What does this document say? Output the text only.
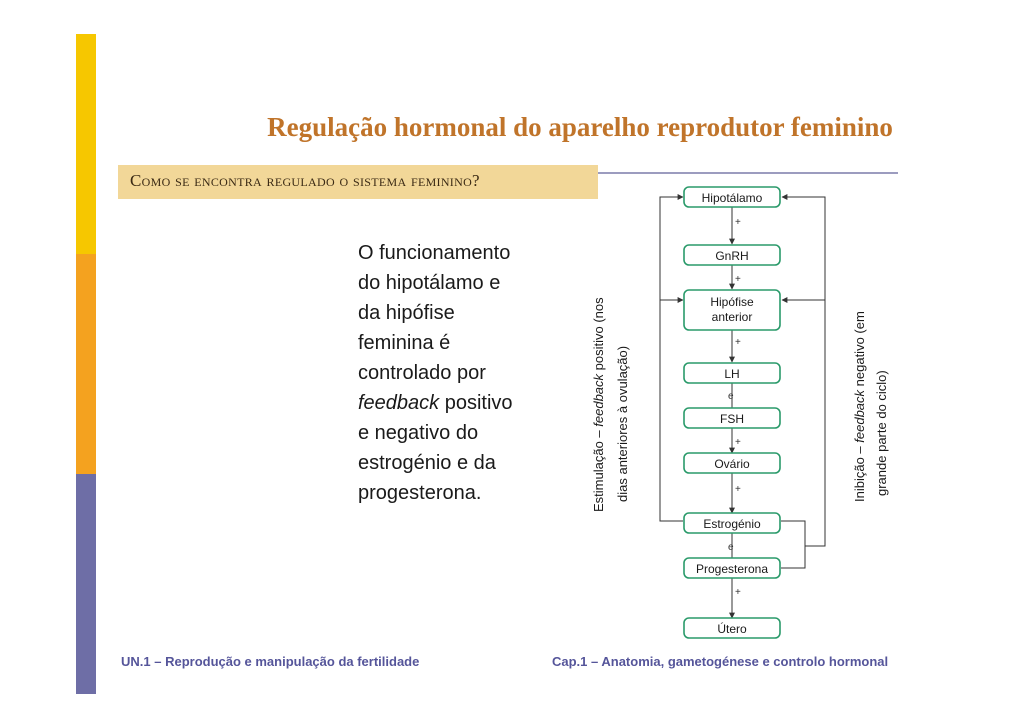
Regulação hormonal do aparelho reprodutor feminino
Como se encontra regulado o sistema feminino?

O funcionamento

do hipotálamo e

da hipófise

feminina é

controlado por

feedback positivo

e negativo do

estrogénio e da

progesterona.

Hipotálamo
GnRH
Hipófise
anterior
LH
FSH
Ovário
Estrogénio
Progesterona
Útero
+
+
+
e
+
+
e
+
Estimulação – feedback positivo (nos
dias anteriores à ovulação)	Inibição – feedback negativo (em
grande parte do ciclo)
UN.1 – Reprodução e manipulação da fertilidade	Cap.1 – Anatomia, gametogénese e controlo hormonal
